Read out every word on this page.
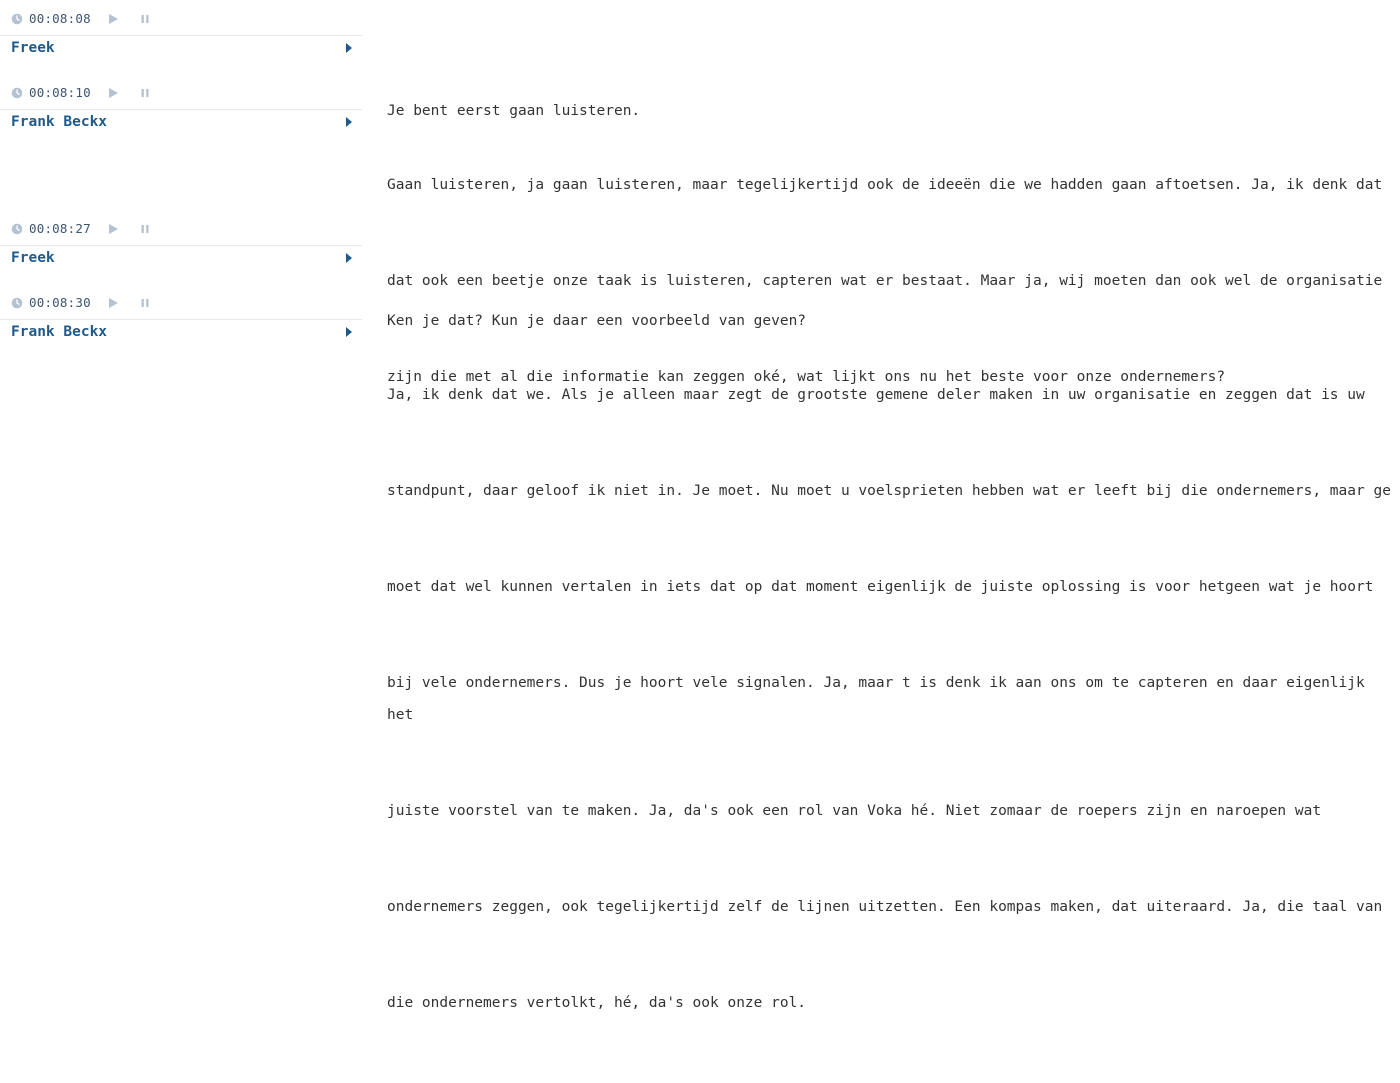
00:08:08
Freek

Je bent eerst gaan luisteren.

00:08:10
Frank Beckx

Gaan luisteren, ja gaan luisteren, maar tegelijkertijd ook de ideeën die we hadden gaan aftoetsen. Ja, ik denk dat

dat ook een beetje onze taak is luisteren, capteren wat er bestaat. Maar ja, wij moeten dan ook wel de organisatie

zijn die met al die informatie kan zeggen oké, wat lijkt ons nu het beste voor onze ondernemers?

00:08:27
Freek

Ken je dat? Kun je daar een voorbeeld van geven?

00:08:30
Frank Beckx

Ja, ik denk dat we. Als je alleen maar zegt de grootste gemene deler maken in uw organisatie en zeggen dat is uw

standpunt, daar geloof ik niet in. Je moet. Nu moet u voelsprieten hebben wat er leeft bij die ondernemers, maar ge

moet dat wel kunnen vertalen in iets dat op dat moment eigenlijk de juiste oplossing is voor hetgeen wat je hoort

bij vele ondernemers. Dus je hoort vele signalen. Ja, maar t is denk ik aan ons om te capteren en daar eigenlijk het

juiste voorstel van te maken. Ja, da's ook een rol van Voka hé. Niet zomaar de roepers zijn en naroepen wat

ondernemers zeggen, ook tegelijkertijd zelf de lijnen uitzetten. Een kompas maken, dat uiteraard. Ja, die taal van

die ondernemers vertolkt, hé, da's ook onze rol.
